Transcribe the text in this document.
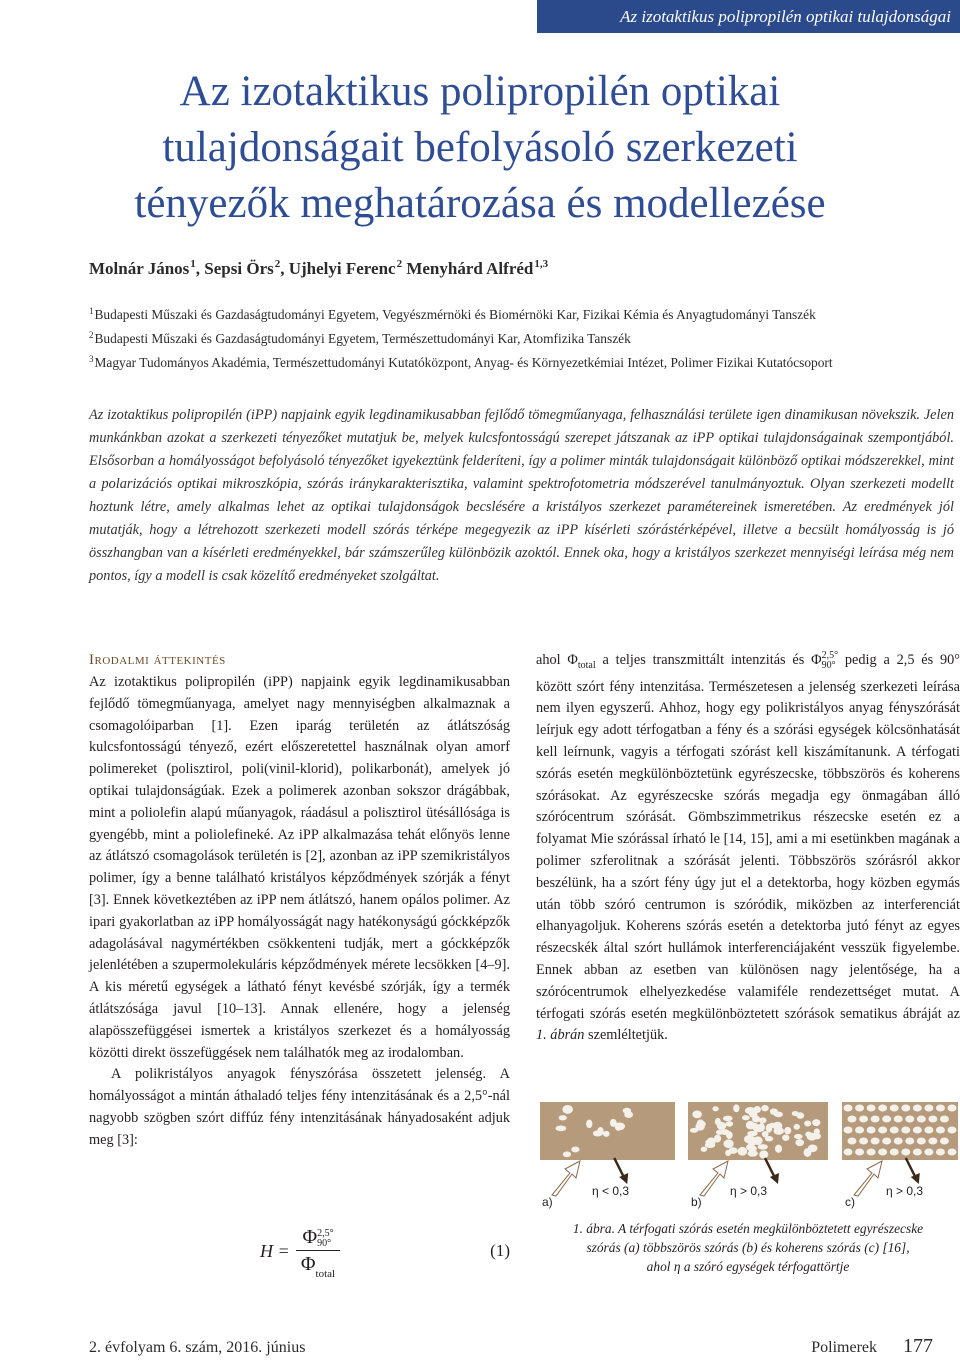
Az izotaktikus polipropilén optikai tulajdonságai
Az izotaktikus polipropilén optikai
tulajdonságait befolyásoló szerkezeti
tényezők meghatározása és modellezése
Molnár János$^1$, Sepsi Örs$^2$, Ujhelyi Ferenc$^2$ Menyhárd Alfréd$^{1,3}$
$^1$Budapesti Műszaki és Gazdaságtudományi Egyetem, Vegyészmérnöki és Biomérnöki Kar, Fizikai Kémia és Anyagtudományi Tanszék
$^2$Budapesti Műszaki és Gazdaságtudományi Egyetem, Természettudományi Kar, Atomfizika Tanszék
$^3$Magyar Tudományos Akadémia, Természettudományi Kutatóközpont, Anyag- és Környezetkémiai Intézet, Polimer Fizikai Kutatócsoport
Az izotaktikus polipropilén (iPP) napjaink egyik legdinamikusabban fejlődő tömegműanyaga, felhasználási területe igen dinamikusan növekszik. Jelen munkánkban azokat a szerkezeti tényezőket mutatjuk be, melyek kulcsfontosságú szerepet játszanak az iPP optikai tulajdonságainak szempontjából. Elsősorban a homályosságot befolyásoló tényezőket igyekeztünk felderíteni, így a polimer minták tulajdonságait különböző optikai módszerekkel, mint a polarizációs optikai mikroszkópia, szórás iránykarakterisztika, valamint spektrofotometria módszerével tanulmányoztuk. Olyan szerkezeti modellt hoztunk létre, amely alkalmas lehet az optikai tulajdonságok becslésére a kristályos szerkezet paramétereinek ismeretében. Az eredmények jól mutatják, hogy a létrehozott szerkezeti modell szórás térképe megegyezik az iPP kísérleti szórástérképével, illetve a becsült homályosság is jó összhangban van a kísérleti eredményekkel, bár számszerűleg különbözik azoktól. Ennek oka, hogy a kristályos szerkezet mennyiségi leírása még nem pontos, így a modell is csak közelítő eredményeket szolgáltat.
Irodalmi áttekintés

Az izotaktikus polipropilén (iPP) napjaink egyik legdinamikusabban fejlődő tömegműanyaga, amelyet nagy mennyiségben alkalmaznak a csomagolóiparban [1]. Ezen iparág területén az átlátszóság kulcsfontosságú tényező, ezért előszeretettel használnak olyan amorf polimereket (polisztirol, poli(vinil-klorid), polikarbonát), amelyek jó optikai tulajdonságúak. Ezek a polimerek azonban sokszor drágábbak, mint a poliolefin alapú műanyagok, ráadásul a polisztirol ütésállósága is gyengébb, mint a poliolefineké. Az iPP alkalmazása tehát előnyös lenne az átlátszó csomagolások területén is [2], azonban az iPP szemikristályos polimer, így a benne található kristályos képződmények szórják a fényt [3]. Ennek következtében az iPP nem átlátszó, hanem opálos polimer. Az ipari gyakorlatban az iPP homályosságát nagy hatékonyságú góckképzők adagolásával nagymértékben csökkenteni tudják, mert a góckképzők jelenlétében a szupermolekuláris képződmények mérete lecsökken [4–9]. A kis méretű egységek a látható fényt kevésbé szórják, így a termék átlátszósága javul [10–13]. Annak ellenére, hogy a jelenség alapösszefüggései ismertek a kristályos szerkezet és a homályosság közötti direkt összefüggések nem találhatók meg az irodalomban.

A polikristályos anyagok fényszórása összetett jelenség. A homályosságot a mintán áthaladó teljes fény intenzitásának és a 2,5°-nál nagyobb szögben szórt diffúz fény intenzitásának hányadosaként adjuk meg [3]:

H =
Φ 2,5°
90°
$\Phi_{total}$
(1)

ahol $\Phi_{total}$ a teljes transzmittált intenzitás és Φ 2,5°
90° pedig a 2,5 és 90° között szórt fény intenzitása. Természetesen a jelenség szerkezeti leírása nem ilyen egyszerű. Ahhoz, hogy egy polikristályos anyag fényszórását leírjuk egy adott térfogatban a fény és a szórási egységek kölcsönhatását kell leírnunk, vagyis a térfogati szórást kell kiszámítanunk. A térfogati szórás esetén megkülönböztetünk egyrészecske, többszörös és koherens szórásokat. Az egyrészecske szórás megadja egy önmagában álló szórócentrum szórását. Gömbszimmetrikus részecske esetén ez a folyamat Mie szórással írható le [14, 15], ami a mi esetünkben magának a polimer szferolitnak a szórását jelenti. Többszörös szórásról akkor beszélünk, ha a szórt fény úgy jut el a detektorba, hogy közben egymás után több szóró centrumon is szóródik, miközben az interferenciát elhanyagoljuk. Koherens szórás esetén a detektorba jutó fényt az egyes részecskék által szórt hullámok interferenciájaként vesszük figyelembe. Ennek abban az esetben van különösen nagy jelentősége, ha a szórócentrumok elhelyezkedése valamiféle rendezettséget mutat. A térfogati szórás esetén megkülönböztetett szórások sematikus ábráját az 1. ábrán szemléltetjük.

a)
η < 0,3
b)
η > 0,3
c)
η > 0,3
1. ábra. A térfogati szórás esetén megkülönböztetett egyrészecske
szórás (a) többszörös szórás (b) és koherens szórás (c) [16],
ahol η a szóró egységek térfogattörtje
2. évfolyam 6. szám, 2016. június	Polimerek 177
